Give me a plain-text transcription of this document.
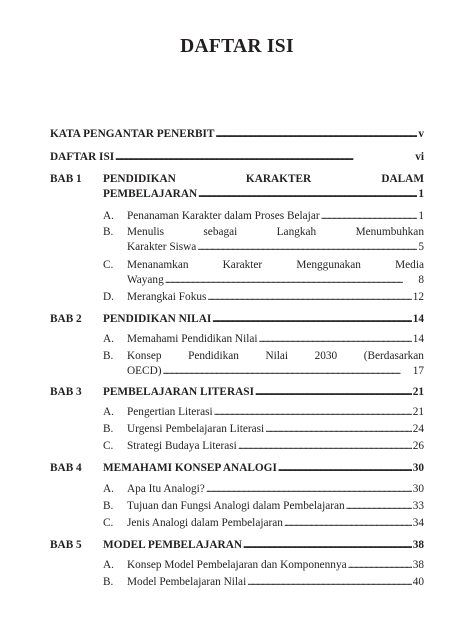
DAFTAR ISI
KATA PENGANTAR PENERBIT . . .	v
DAFTAR ISI . . .	vi
BAB 1 PENDIDIKAN	KARAKTER	DALAM
PEMBELAJARAN . . .	1
A. Penanaman Karakter dalam Proses Belajar . . .	1
B. Menulis	sebagai	Langkah	Menumbuhkan
Karakter Siswa . . .	5
C. Menanamkan	Karakter	Menggunakan	Media
Wayang . . .	8
D. Merangkai Fokus . . .	12
BAB 2 PENDIDIKAN NILAI . . .	14
A. Memahami Pendidikan Nilai . . .	14
B. Konsep Pendidikan Nilai 2030 (Berdasarkan
OECD) . . .	17
BAB 3 PEMBELAJARAN LITERASI . . .	21
A. Pengertian Literasi . . .	21
B. Urgensi Pembelajaran Literasi . . .	24
C. Strategi Budaya Literasi . . .	26
BAB 4 MEMAHAMI KONSEP ANALOGI . . .	30
A. Apa Itu Analogi? . . .	30
B. Tujuan dan Fungsi Analogi dalam Pembelajaran . . .	33
C. Jenis Analogi dalam Pembelajaran . . .	34
BAB 5 MODEL PEMBELAJARAN . . .	38
A. Konsep Model Pembelajaran dan Komponennya . . .	38
B. Model Pembelajaran Nilai . . .	40
